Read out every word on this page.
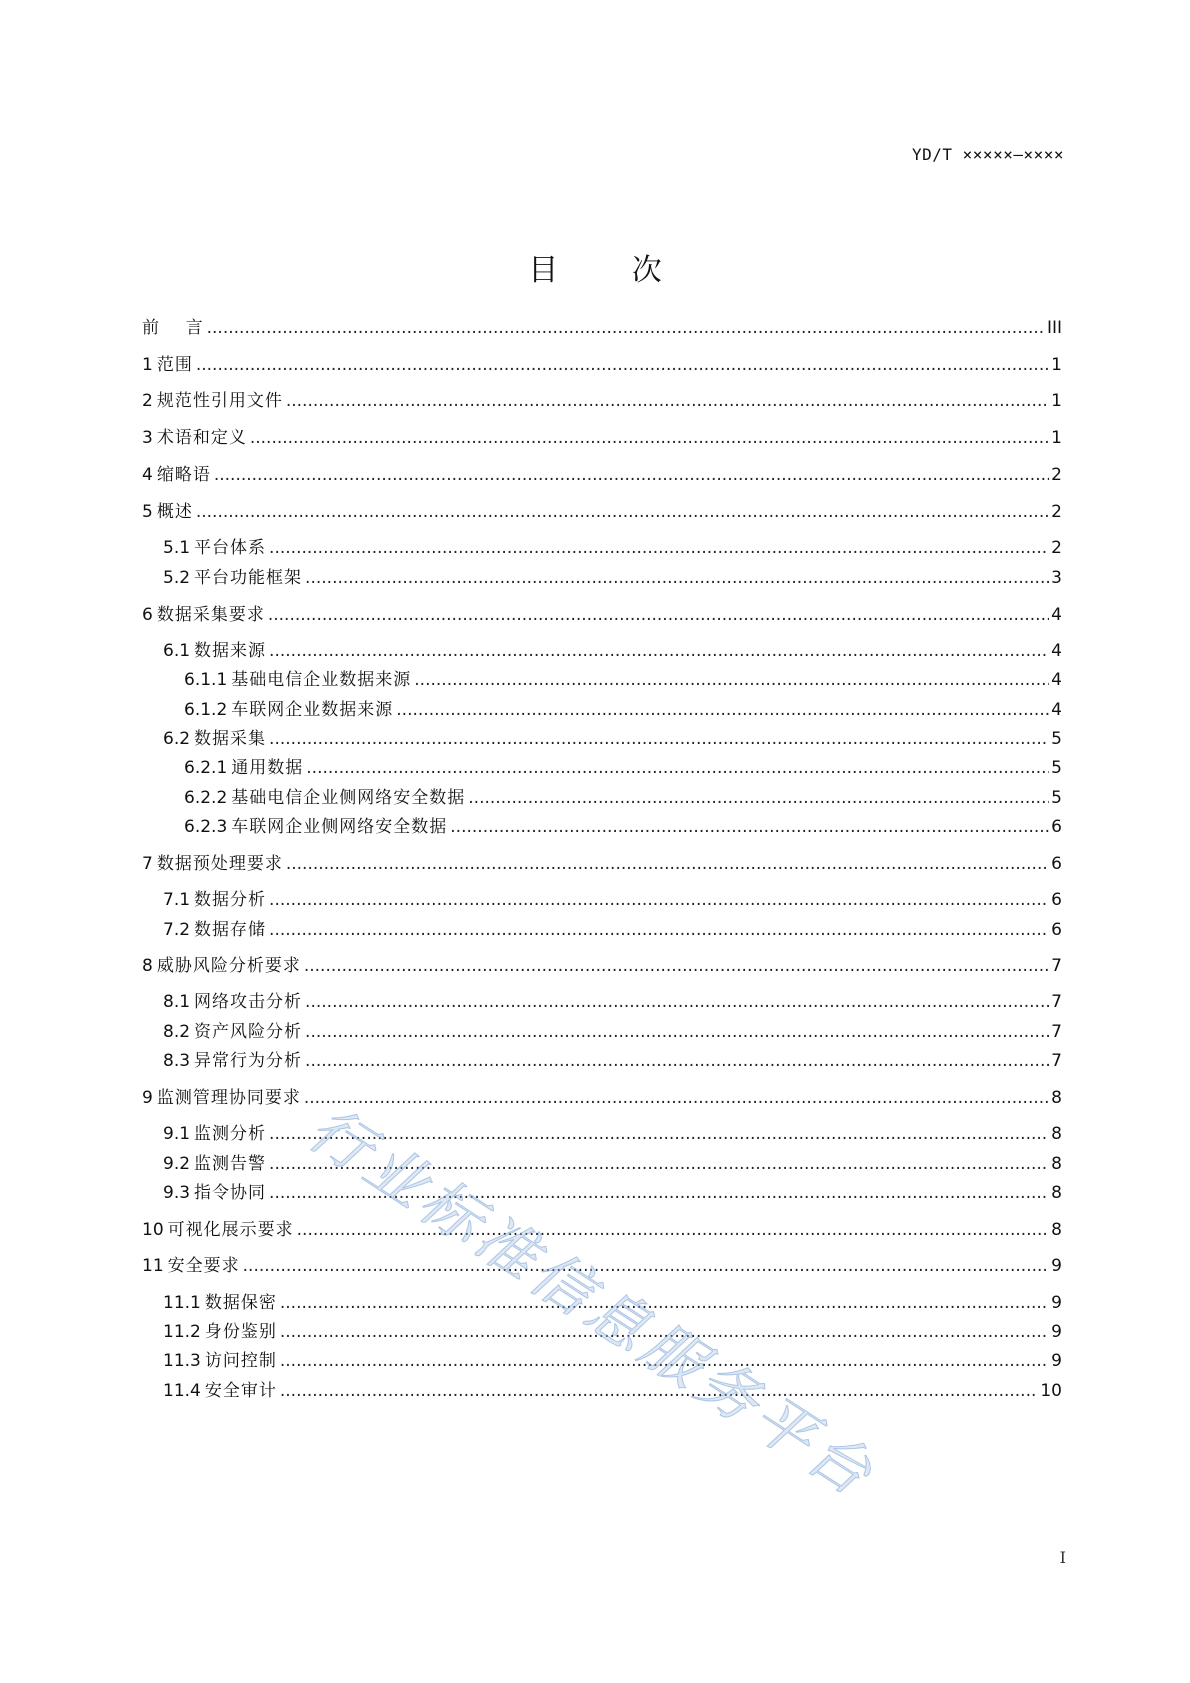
YD/T ×××××—××××
目 次
前    言 .....	III
1 范围 .....	1
2 规范性引用文件 .....	1
3 术语和定义 .....	1
4 缩略语 .....	2
5 概述 .....	2
5.1 平台体系 .....	2
5.2 平台功能框架 .....	3
6 数据采集要求 .....	4
6.1 数据来源 .....	4
6.1.1 基础电信企业数据来源 .....	4
6.1.2 车联网企业数据来源 .....	4
6.2 数据采集 .....	5
6.2.1 通用数据 .....	5
6.2.2 基础电信企业侧网络安全数据 .....	5
6.2.3 车联网企业侧网络安全数据 .....	6
7 数据预处理要求 .....	6
7.1 数据分析 .....	6
7.2 数据存储 .....	6
8 威胁风险分析要求 .....	7
8.1 网络攻击分析 .....	7
8.2 资产风险分析 .....	7
8.3 异常行为分析 .....	7
9 监测管理协同要求 .....	8
9.1 监测分析 .....	8
9.2 监测告警 .....	8
9.3 指令协同 .....	8
10 可视化展示要求 .....	8
11 安全要求 .....	9
11.1 数据保密 .....	9
11.2 身份鉴别 .....	9
11.3 访问控制 .....	9
11.4 安全审计 .....	10
行业标准信息服务平台
I
